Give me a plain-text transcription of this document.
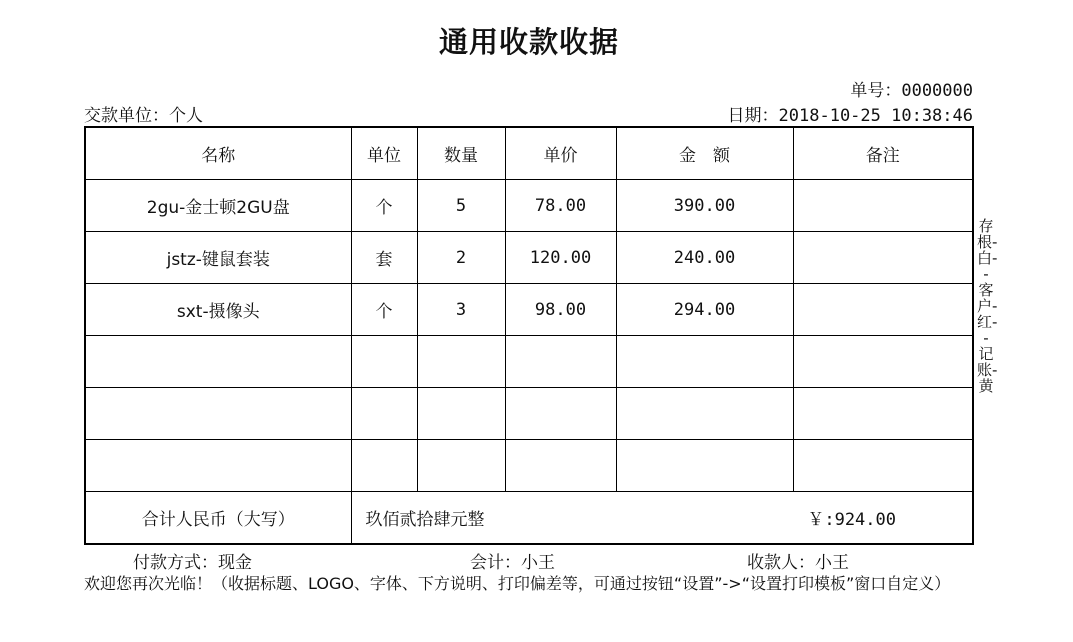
通用收款收据
单号：0000000
交款单位：个人	日期：2018-10-25 10:38:46
名称	单位	数量	单价	金　额	备注
2gu-金士顿2GU盘	个	5	78.00	390.00	
jstz-键鼠套装	套	2	120.00	240.00	
sxt-摄像头	个	3	98.00	294.00	

合计人民币（大写）	玖佰贰拾肆元整 ￥:924.00				
存根-白--客户-红--记账-黄
付款方式：现金	会计：小王	收款人：小王
欢迎您再次光临！（收据标题、LOGO、字体、下方说明、打印偏差等，可通过按钮“设置”->“设置打印模板”窗口自定义）
